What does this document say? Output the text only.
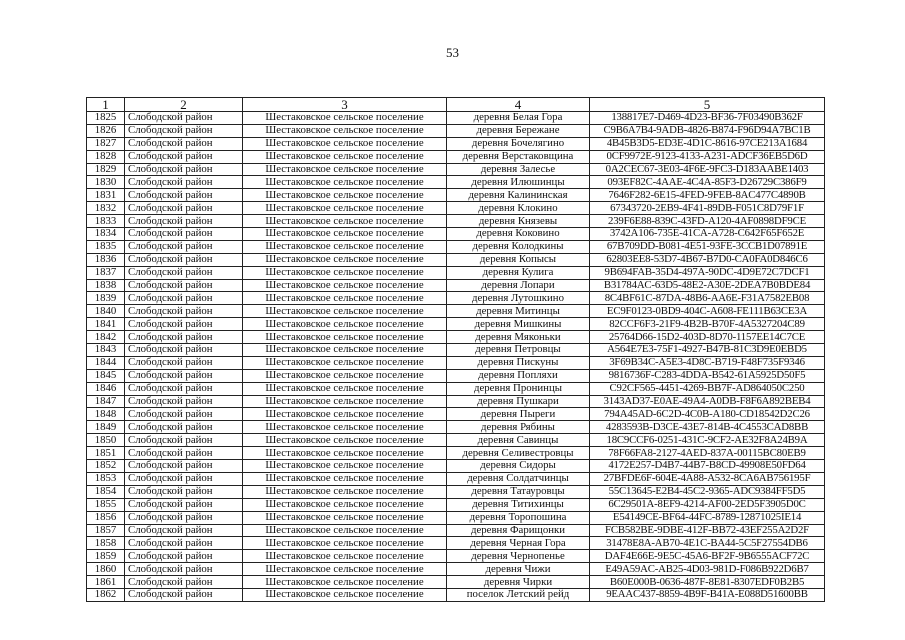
53
1	2	3	4	5
1825	Слободской район	Шестаковское сельское поселение	деревня Белая Гора	138817E7-D469-4D23-BF36-7F03490B362F
1826	Слободской район	Шестаковское сельское поселение	деревня Бережане	C9B6A7B4-9ADB-4826-B874-F96D94A7BC1B
1827	Слободской район	Шестаковское сельское поселение	деревня Бочелягино	4B45B3D5-ED3E-4D1C-8616-97CE213A1684
1828	Слободской район	Шестаковское сельское поселение	деревня Верстаковщина	0CF9972E-9123-4133-A231-ADCF36EB5D6D
1829	Слободской район	Шестаковское сельское поселение	деревня Залесье	0A2CEC67-3E03-4F6E-9FC3-D183AABE1403
1830	Слободской район	Шестаковское сельское поселение	деревня Илюшинцы	093EF82C-4AAE-4C4A-85F3-D26729C386F9
1831	Слободской район	Шестаковское сельское поселение	деревня Калининская	7646F282-6E15-4FED-9FEB-8AC477C4890B
1832	Слободской район	Шестаковское сельское поселение	деревня Клокино	67343720-2EB9-4F41-89DB-F051C8D79F1F
1833	Слободской район	Шестаковское сельское поселение	деревня Князевы	239F6E88-839C-43FD-A120-4AF0898DF9CE
1834	Слободской район	Шестаковское сельское поселение	деревня Коковино	3742A106-735E-41CA-A728-C642F65F652E
1835	Слободской район	Шестаковское сельское поселение	деревня Колодкины	67B709DD-B081-4E51-93FE-3CCB1D07891E
1836	Слободской район	Шестаковское сельское поселение	деревня Копысы	62803EE8-53D7-4B67-B7D0-CA0FA0D846C6
1837	Слободской район	Шестаковское сельское поселение	деревня Кулига	9B694FAB-35D4-497A-90DC-4D9E72C7DCF1
1838	Слободской район	Шестаковское сельское поселение	деревня Лопари	B31784AC-63D5-48E2-A30E-2DEA7B0BDE84
1839	Слободской район	Шестаковское сельское поселение	деревня Лутошкино	8C4BF61C-87DA-48B6-AA6E-F31A7582EB08
1840	Слободской район	Шестаковское сельское поселение	деревня Митинцы	EC9F0123-0BD9-404C-A608-FE111B63CE3A
1841	Слободской район	Шестаковское сельское поселение	деревня Мишкины	82CCF6F3-21F9-4B2B-B70F-4A5327204C89
1842	Слободской район	Шестаковское сельское поселение	деревня Мяконьки	25764D66-15D2-403D-8D70-1157EE14C7CE
1843	Слободской район	Шестаковское сельское поселение	деревня Петровцы	A564E7E3-75F1-4927-B47B-81C3D9E0EBD5
1844	Слободской район	Шестаковское сельское поселение	деревня Пискуны	3F69B34C-A5E3-4D8C-B719-F48F735F9346
1845	Слободской район	Шестаковское сельское поселение	деревня Попляхи	9816736F-C283-4DDA-B542-61A5925D50F5
1846	Слободской район	Шестаковское сельское поселение	деревня Пронинцы	C92CF565-4451-4269-BB7F-AD864050C250
1847	Слободской район	Шестаковское сельское поселение	деревня Пушкари	3143AD37-E0AE-49A4-A0DB-F8F6A892BEB4
1848	Слободской район	Шестаковское сельское поселение	деревня Пыреги	794A45AD-6C2D-4C0B-A180-CD18542D2C26
1849	Слободской район	Шестаковское сельское поселение	деревня Рябины	4283593B-D3CE-43E7-814B-4C4553CAD8BB
1850	Слободской район	Шестаковское сельское поселение	деревня Савинцы	18C9CCF6-0251-431C-9CF2-AE32F8A24B9A
1851	Слободской район	Шестаковское сельское поселение	деревня Селивестровцы	78F66FA8-2127-4AED-837A-00115BC80EB9
1852	Слободской район	Шестаковское сельское поселение	деревня Сидоры	4172E257-D4B7-44B7-B8CD-49908E50FD64
1853	Слободской район	Шестаковское сельское поселение	деревня Солдатчинцы	27BFDE6F-604E-4A88-A532-8CA6AB756195F
1854	Слободской район	Шестаковское сельское поселение	деревня Татауровцы	55C13645-E2B4-45C2-9365-ADC9384FF5D5
1855	Слободской район	Шестаковское сельское поселение	деревня Титихинцы	6C29501A-8EF9-4214-AF00-2ED5F3905D0C
1856	Слободской район	Шестаковское сельское поселение	деревня Торопошина	E54149CE-BF64-44FC-8789-12871025IE14
1857	Слободской район	Шестаковское сельское поселение	деревня Фарищонки	FCB582BE-9DBE-412F-BB72-43EF255A2D2F
1858	Слободской район	Шестаковское сельское поселение	деревня Черная Гора	31478E8A-AB70-4E1C-BA44-5C5F27554DB6
1859	Слободской район	Шестаковское сельское поселение	деревня Чернопенье	DAF4E66E-9E5C-45A6-BF2F-9B6555ACF72C
1860	Слободской район	Шестаковское сельское поселение	деревня Чижи	E49A59AC-AB25-4D03-981D-F086B922D6B7
1861	Слободской район	Шестаковское сельское поселение	деревня Чирки	B60E000B-0636-487F-8E81-8307EDF0B2B5
1862	Слободской район	Шестаковское сельское поселение	поселок Летский рейд	9EAAC437-8859-4B9F-B41A-E088D51600BB
